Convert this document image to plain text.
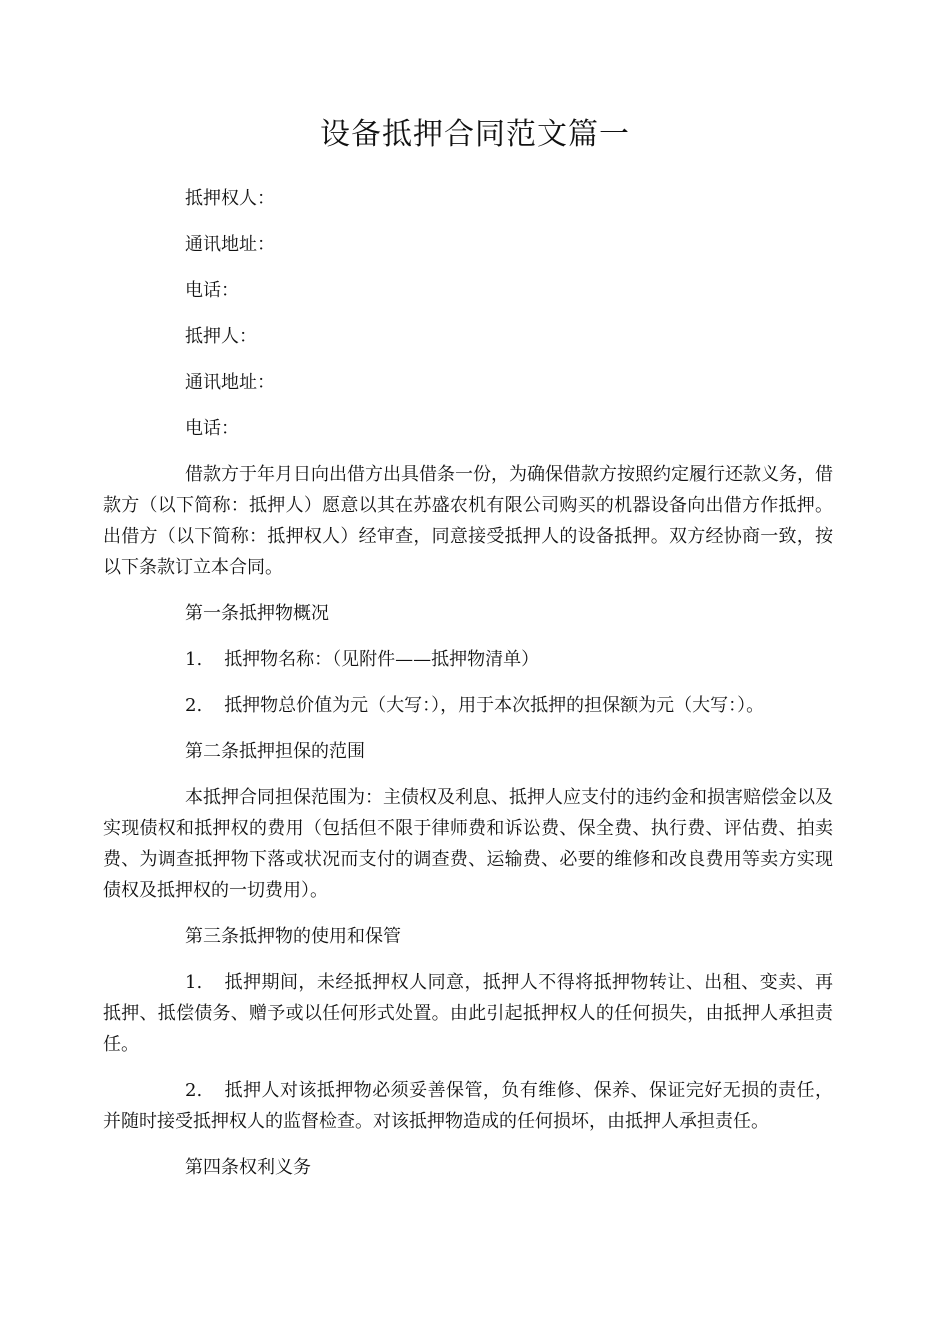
设备抵押合同范文篇一

抵押权人：

通讯地址：

电话：

抵押人：

通讯地址：

电话：

借款方于年月日向出借方出具借条一份，为确保借款方按照约定履行还款义务，借款方（以下简称：抵押人）愿意以其在苏盛农机有限公司购买的机器设备向出借方作抵押。出借方（以下简称：抵押权人）经审查，同意接受抵押人的设备抵押。双方经协商一致，按以下条款订立本合同。

第一条抵押物概况

1. 抵押物名称：（见附件——抵押物清单）

2. 抵押物总价值为元（大写：），用于本次抵押的担保额为元（大写：）。

第二条抵押担保的范围

本抵押合同担保范围为：主债权及利息、抵押人应支付的违约金和损害赔偿金以及实现债权和抵押权的费用（包括但不限于律师费和诉讼费、保全费、执行费、评估费、拍卖费、为调查抵押物下落或状况而支付的调查费、运输费、必要的维修和改良费用等卖方实现债权及抵押权的一切费用）。

第三条抵押物的使用和保管

1. 抵押期间，未经抵押权人同意，抵押人不得将抵押物转让、出租、变卖、再抵押、抵偿债务、赠予或以任何形式处置。由此引起抵押权人的任何损失，由抵押人承担责任。

2. 抵押人对该抵押物必须妥善保管，负有维修、保养、保证完好无损的责任，并随时接受抵押权人的监督检查。对该抵押物造成的任何损坏，由抵押人承担责任。

第四条权利义务
